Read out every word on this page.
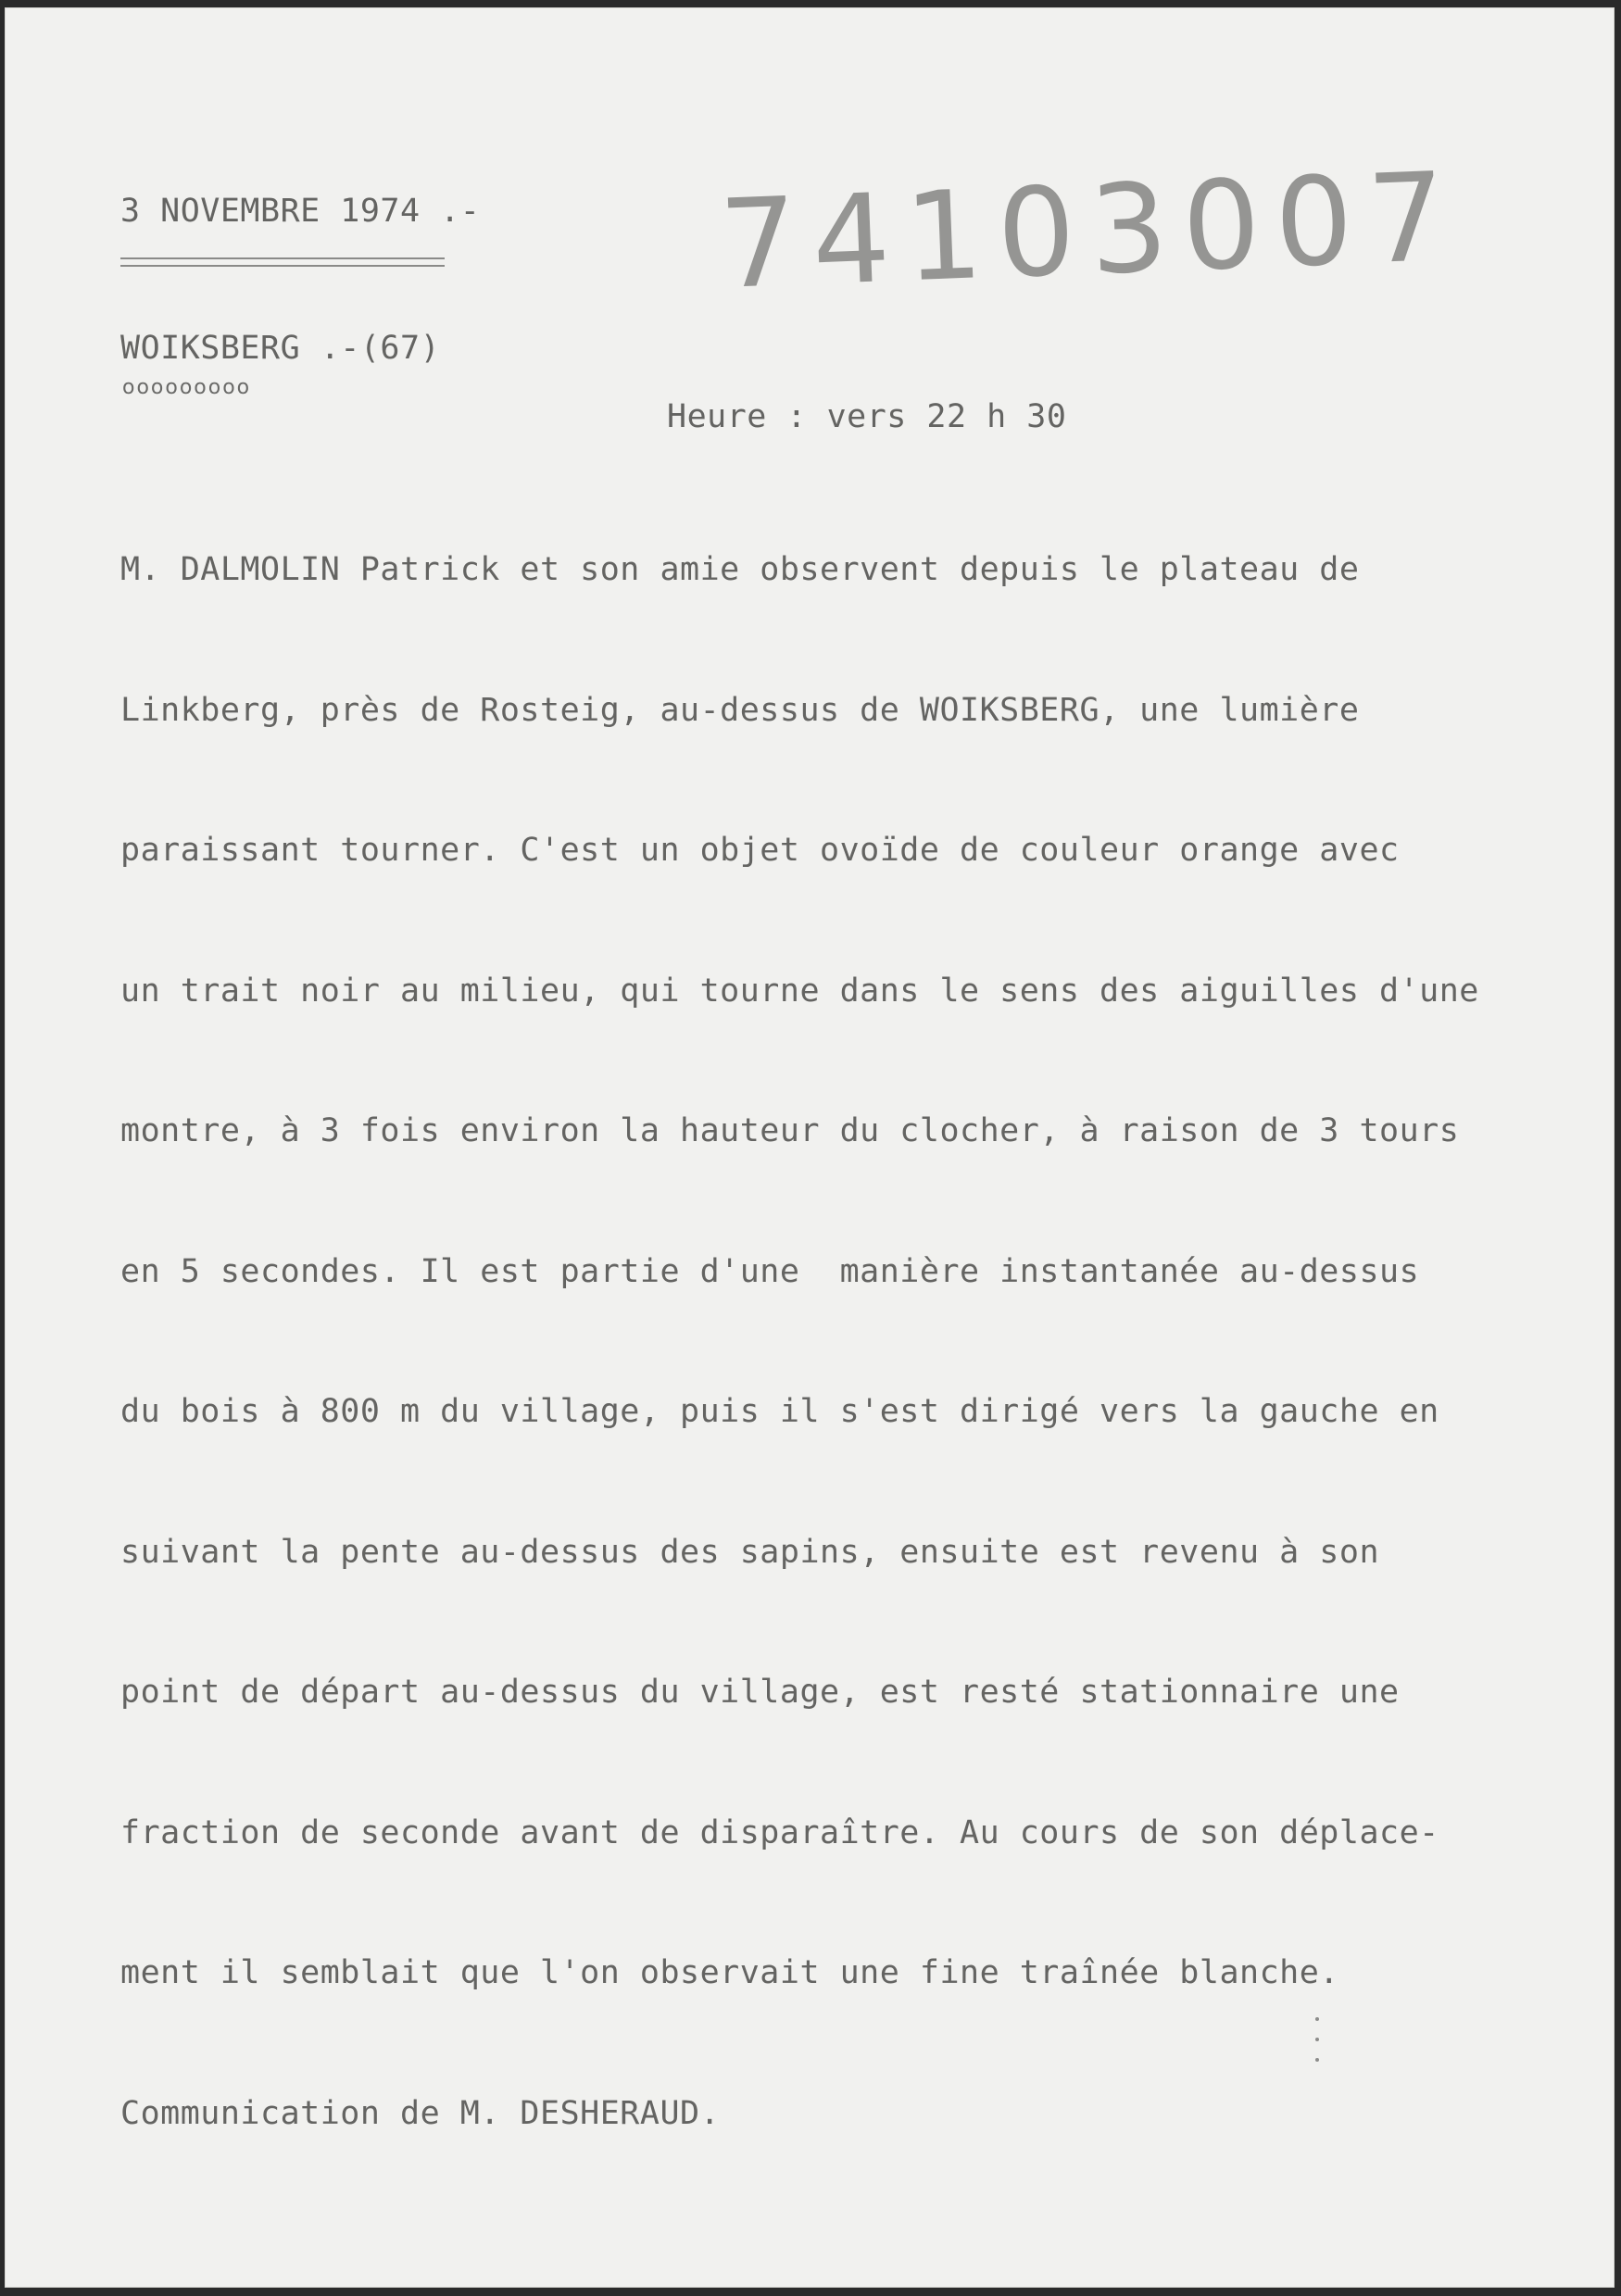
3 NOVEMBRE 1974 .- 74103007
WOIKSBERG .-(67)
ooooooooo
Heure : vers 22 h 30

M. DALMOLIN Patrick et son amie observent depuis le plateau de

Linkberg, près de Rosteig, au-dessus de WOIKSBERG, une lumière

paraissant tourner. C'est un objet ovoïde de couleur orange avec

un trait noir au milieu, qui tourne dans le sens des aiguilles d'une

montre, à 3 fois environ la hauteur du clocher, à raison de 3 tours

en 5 secondes. Il est partie d'une  manière instantanée au-dessus

du bois à 800 m du village, puis il s'est dirigé vers la gauche en

suivant la pente au-dessus des sapins, ensuite est revenu à son

point de départ au-dessus du village, est resté stationnaire une

fraction de seconde avant de disparaître. Au cours de son déplace-

ment il semblait que l'on observait une fine traînée blanche.

Communication de M. DESHERAUD.
